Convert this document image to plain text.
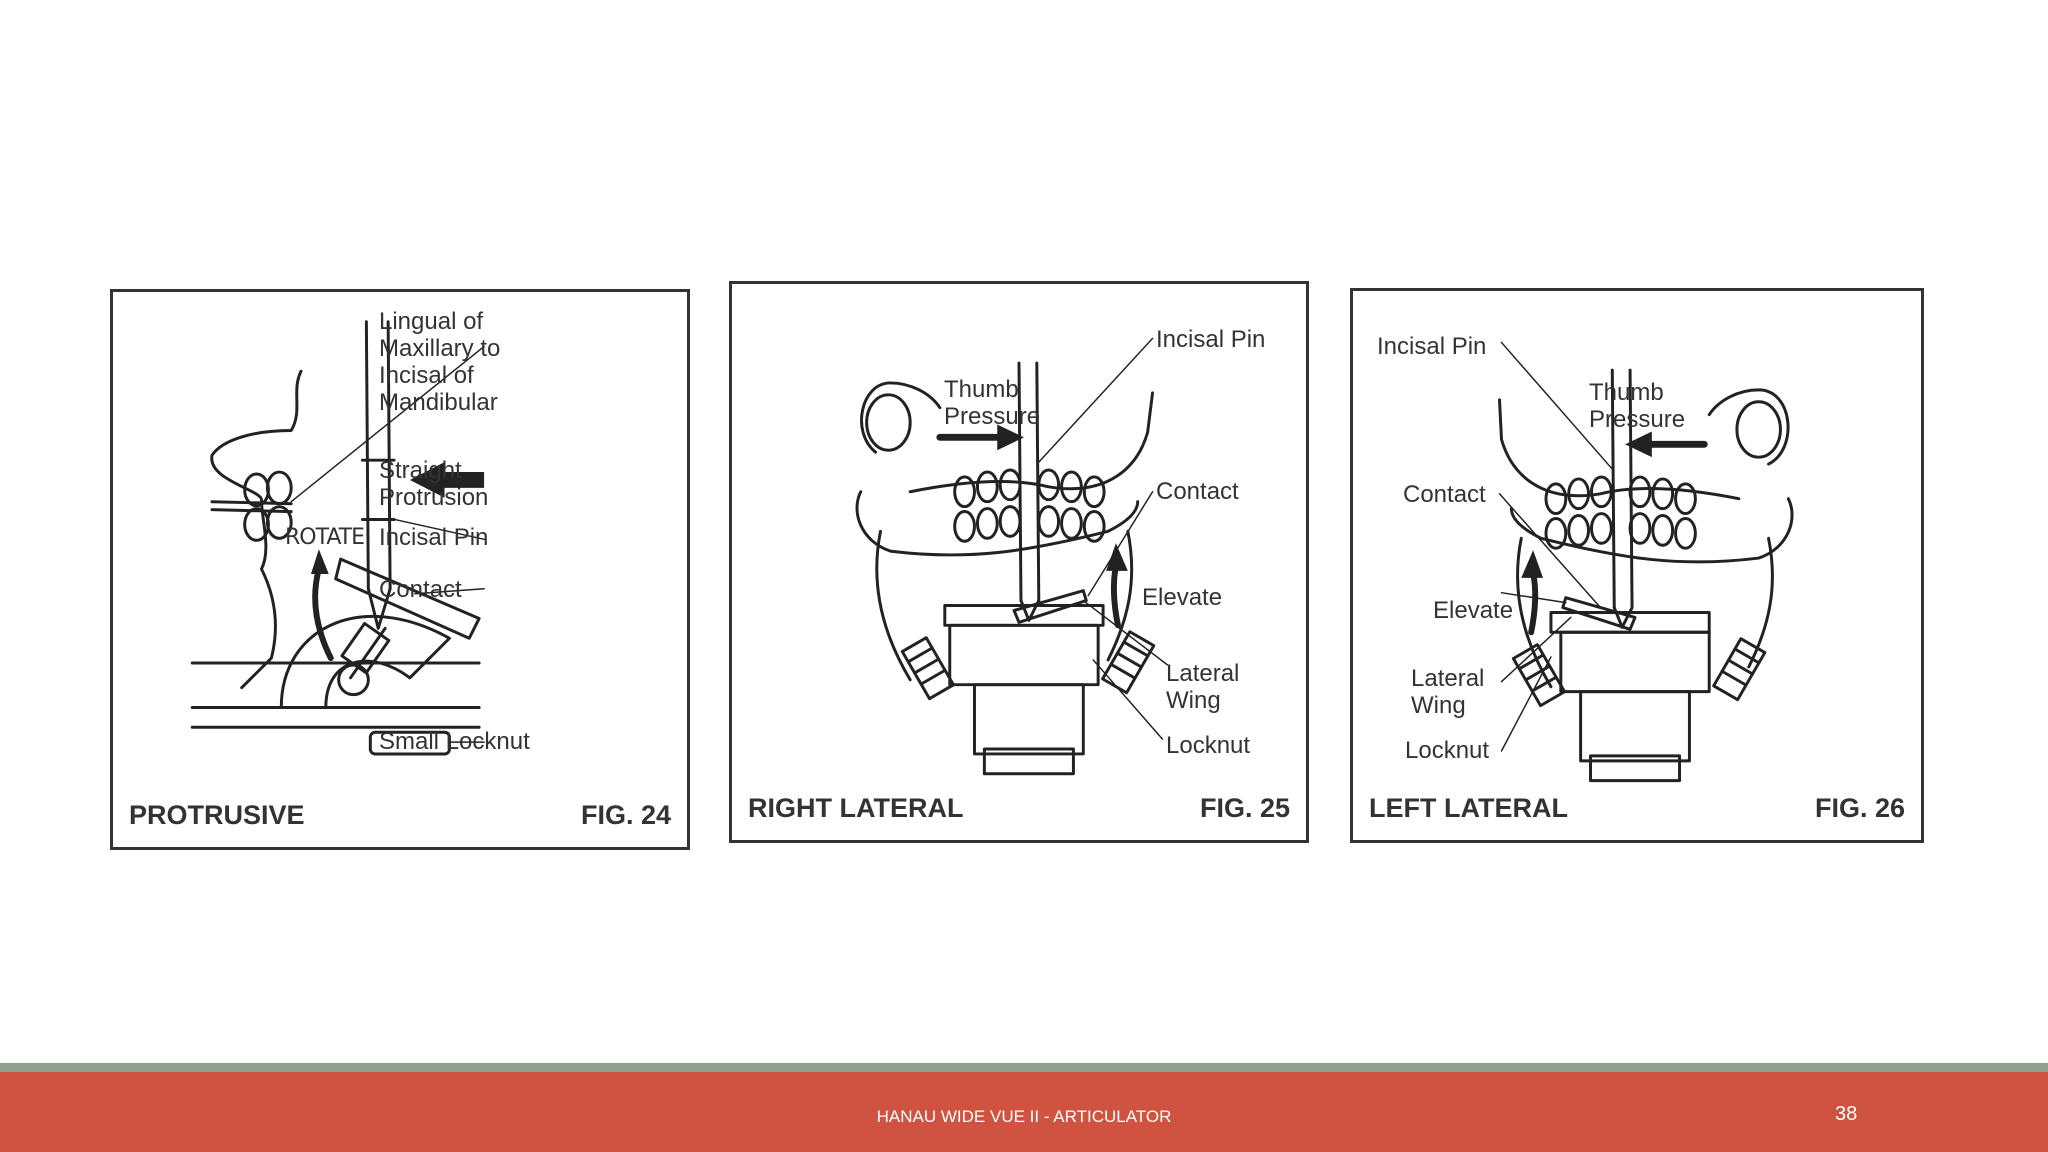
Lingual of
Maxillary to
Incisal of
Mandibular
Straight
Protrusion
Incisal Pin
Contact
Small Locknut
ROTATE
PROTRUSIVE	FIG. 24
Incisal Pin
Thumb
Pressure
Contact
Elevate
Lateral
Wing
Locknut
RIGHT LATERAL	FIG. 25
Incisal Pin
Thumb
Pressure
Contact
Elevate
Lateral
Wing
Locknut
LEFT LATERAL	FIG. 26
HANAU WIDE VUE II - ARTICULATOR	38
